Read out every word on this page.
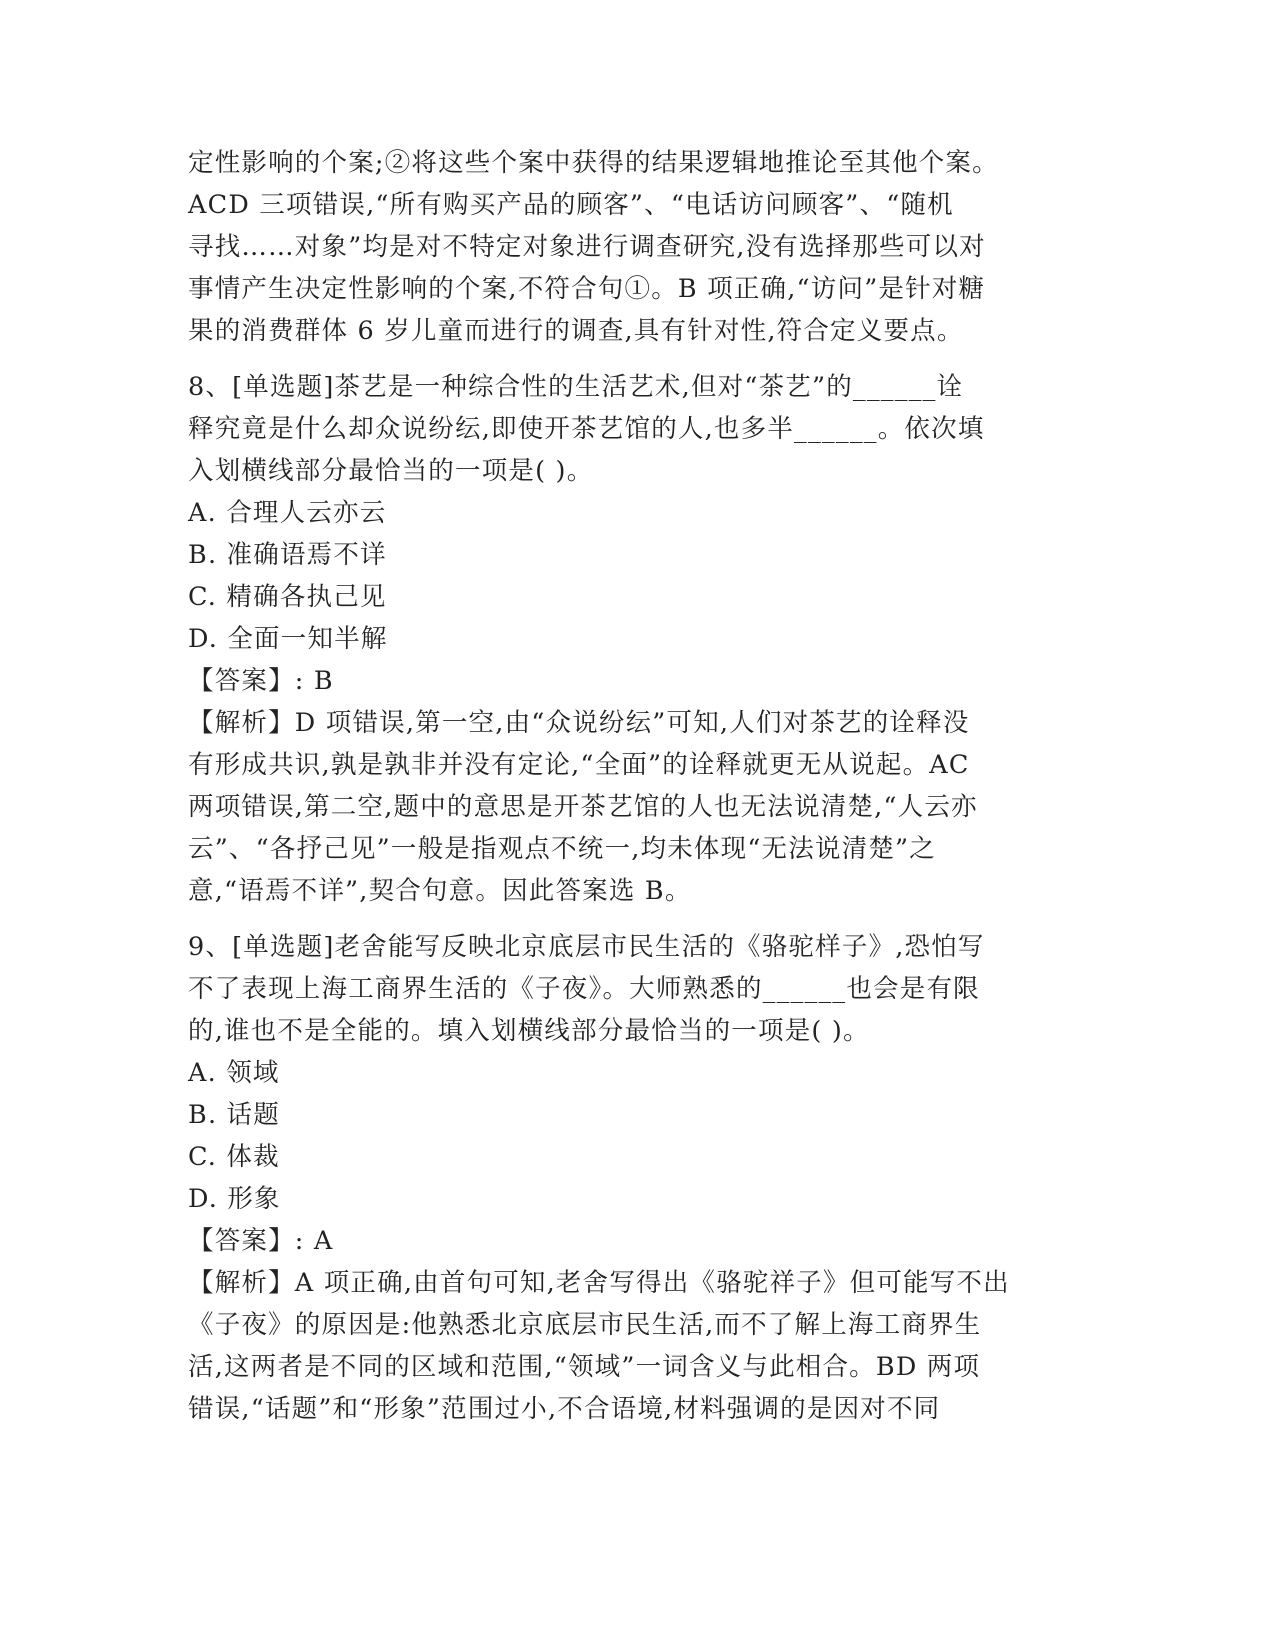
定性影响的个案;②将这些个案中获得的结果逻辑地推论至其他个案。
ACD 三项错误,“所有购买产品的顾客”、“电话访问顾客”、“随机
寻找……对象”均是对不特定对象进行调查研究,没有选择那些可以对
事情产生决定性影响的个案,不符合句①。B 项正确,“访问”是针对糖
果的消费群体 6 岁儿童而进行的调查,具有针对性,符合定义要点。
8、[单选题]茶艺是一种综合性的生活艺术,但对“茶艺”的______诠
释究竟是什么却众说纷纭,即使开茶艺馆的人,也多半______。依次填
入划横线部分最恰当的一项是( )。
A. 合理人云亦云
B. 准确语焉不详
C. 精确各执己见
D. 全面一知半解
【答案】: B
【解析】D 项错误,第一空,由“众说纷纭”可知,人们对茶艺的诠释没
有形成共识,孰是孰非并没有定论,“全面”的诠释就更无从说起。AC
两项错误,第二空,题中的意思是开茶艺馆的人也无法说清楚,“人云亦
云”、“各抒己见”一般是指观点不统一,均未体现“无法说清楚”之
意,“语焉不详”,契合句意。因此答案选 B。
9、[单选题]老舍能写反映北京底层市民生活的《骆驼样子》,恐怕写
不了表现上海工商界生活的《子夜》。大师熟悉的______也会是有限
的,谁也不是全能的。填入划横线部分最恰当的一项是( )。
A. 领域
B. 话题
C. 体裁
D. 形象
【答案】: A
【解析】A 项正确,由首句可知,老舍写得出《骆驼祥子》但可能写不出
《子夜》的原因是:他熟悉北京底层市民生活,而不了解上海工商界生
活,这两者是不同的区域和范围,“领域”一词含义与此相合。BD 两项
错误,“话题”和“形象”范围过小,不合语境,材料强调的是因对不同
